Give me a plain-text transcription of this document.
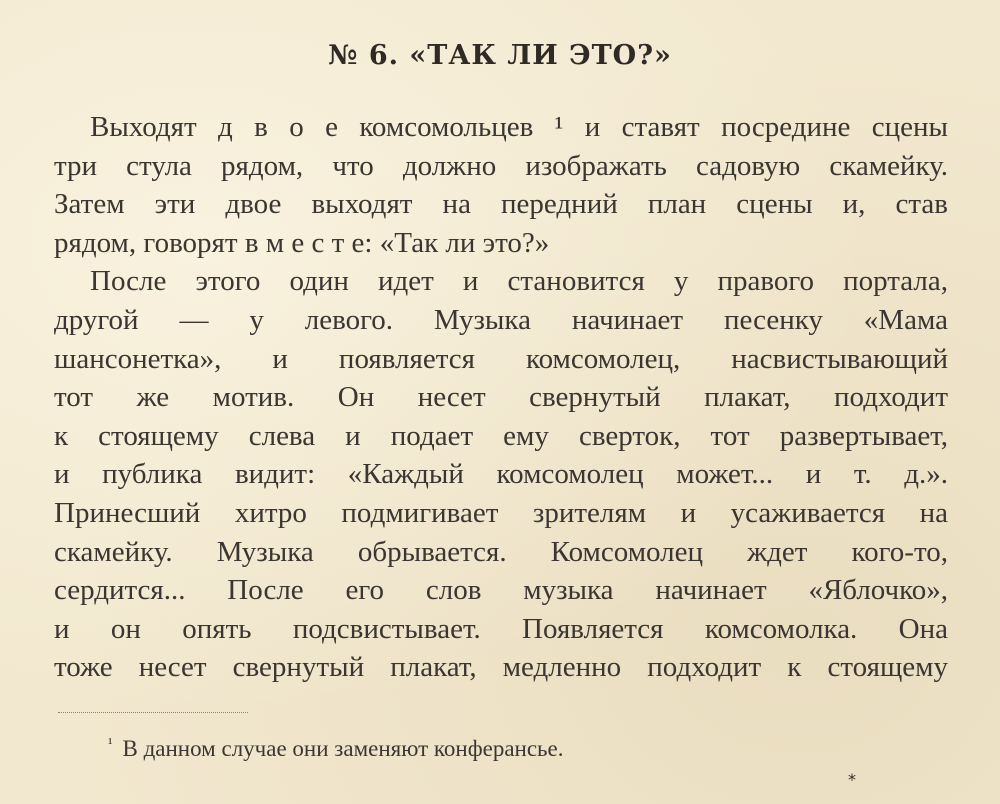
№ 6. «ТАК ЛИ ЭТО?»
Выходят д в о е комсомольцев ¹ и ставят посредине сцены
три стула рядом, что должно изображать садовую скамейку.
Затем эти двое выходят на передний план сцены и, став
рядом, говорят в м е с т е: «Так ли это?»
После этого один идет и становится у правого портала,
другой — у левого. Музыка начинает песенку «Мама
шансонетка», и появляется комсомолец, насвистывающий
тот же мотив. Он несет свернутый плакат, подходит
к стоящему слева и подает ему сверток, тот развертывает,
и публика видит: «Каждый комсомолец может... и т. д.».
Принесший хитро подмигивает зрителям и усаживается на
скамейку. Музыка обрывается. Комсомолец ждет кого-то,
сердится... После его слов музыка начинает «Яблочко»,
и он опять подсвистывает. Появляется комсомолка. Она
тоже несет свернутый плакат, медленно подходит к стоящему
$^{^1}$ В данном случае они заменяют конферансье.
*
